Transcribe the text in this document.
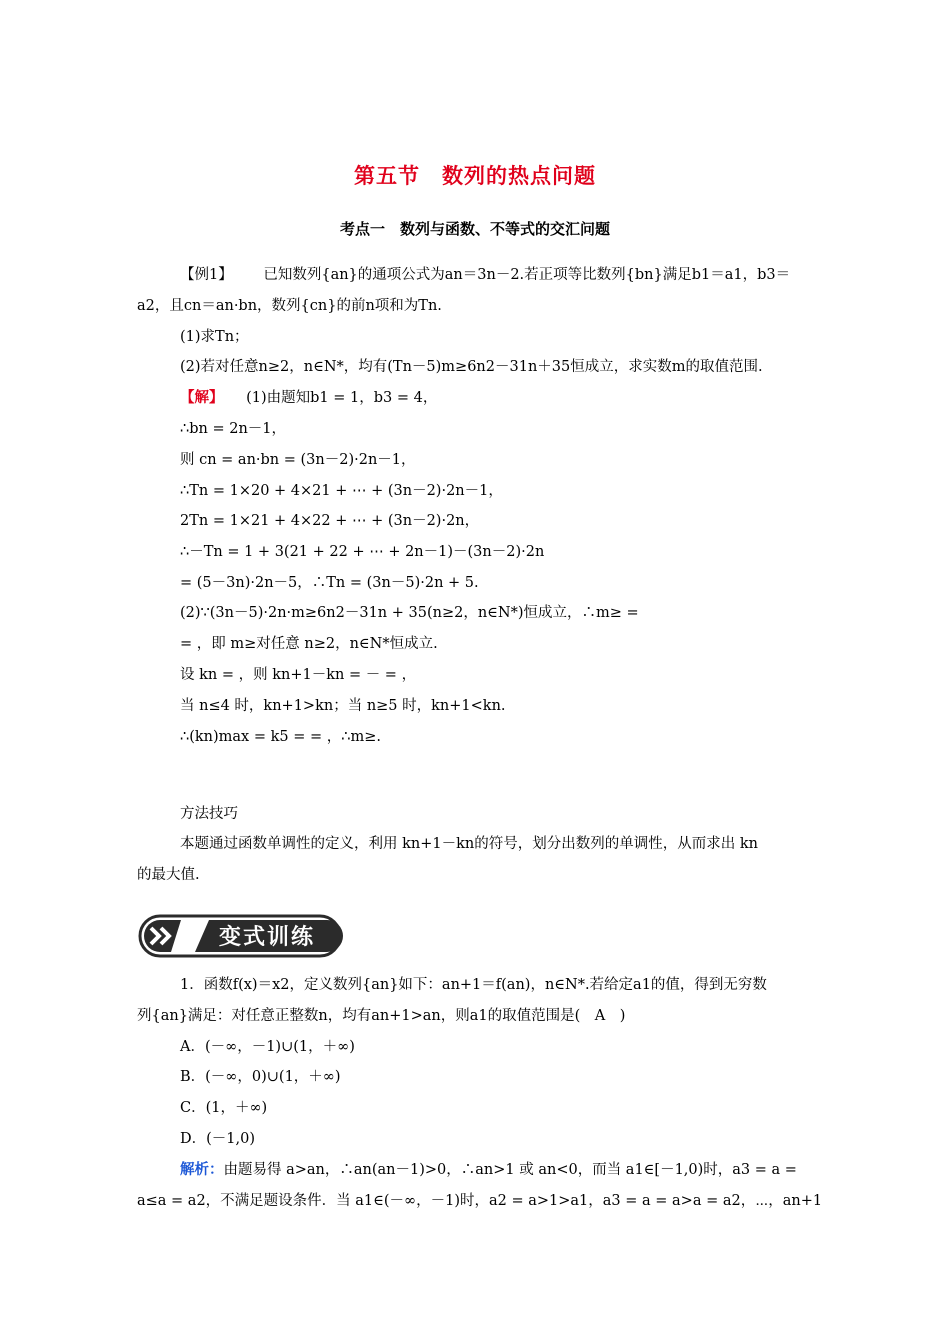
第五节　数列的热点问题
考点一　数列与函数、不等式的交汇问题
【例1】 已知数列{an}的通项公式为an＝3n－2.若正项等比数列{bn}满足b1＝a1，b3＝
a2，且cn＝an·bn，数列{cn}的前n项和为Tn.
(1)求Tn；
(2)若对任意n≥2，n∈N*，均有(Tn－5)m≥6n2－31n＋35恒成立，求实数m的取值范围.
【解】 (1)由题知b1 = 1，b3 = 4，
∴bn = 2n－1，
则 cn = an·bn = (3n－2)·2n－1，
∴Tn = 1×20 + 4×21 + ⋯ + (3n－2)·2n－1，
2Tn = 1×21 + 4×22 + ⋯ + (3n－2)·2n，
∴－Tn = 1 + 3(21 + 22 + ⋯ + 2n－1)－(3n－2)·2n
= (5－3n)·2n－5，∴Tn = (3n－5)·2n + 5.
(2)∵(3n－5)·2n·m≥6n2－31n + 35(n≥2，n∈N*)恒成立，∴m≥ =
= ，即 m≥对任意 n≥2，n∈N*恒成立.
设 kn = ，则 kn+1－kn = － = ，
当 n≤4 时，kn+1>kn；当 n≥5 时，kn+1<kn.
∴(kn)max = k5 = = ，∴m≥.
方法技巧
本题通过函数单调性的定义，利用 kn+1－kn的符号，划分出数列的单调性，从而求出 kn
的最大值.
变式训练
1．函数f(x)＝x2，定义数列{an}如下：an+1＝f(an)，n∈N*.若给定a1的值，得到无穷数
列{an}满足：对任意正整数n，均有an+1>an，则a1的取值范围是(　A　)
A．(－∞，－1)∪(1，＋∞)
B．(－∞，0)∪(1，＋∞)
C．(1，＋∞)
D．(－1,0)
解析：由题易得 a>an，∴an(an－1)>0，∴an>1 或 an<0，而当 a1∈[－1,0)时，a3 = a =
a≤a = a2，不满足题设条件．当 a1∈(－∞，－1)时，a2 = a>1>a1，a3 = a = a>a = a2，⋯，an+1
